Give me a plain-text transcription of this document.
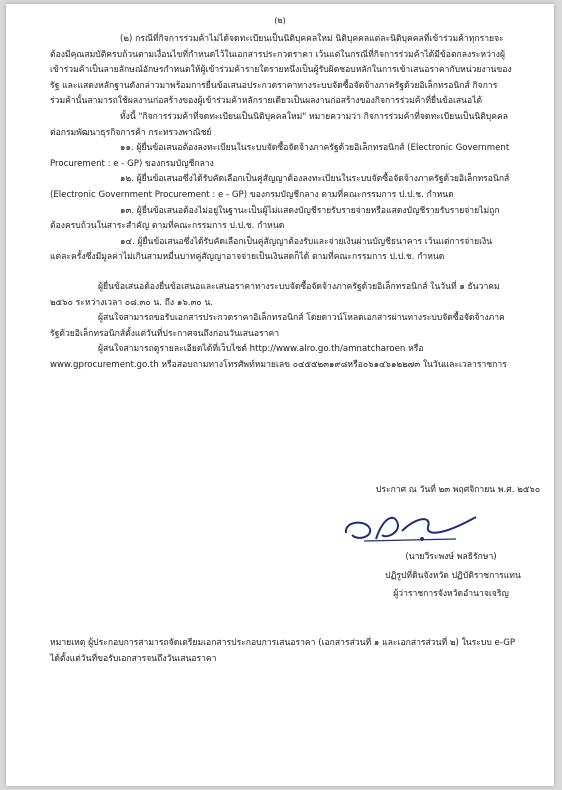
(๒)

(๒) กรณีที่กิจการร่วมค้าไม่ได้จดทะเบียนเป็นนิติบุคคลใหม่ นิติบุคคลแต่ละนิติบุคคลที่เข้าร่วมค้าทุกรายจะต้องมีคุณสมบัติครบถ้วนตามเงื่อนไขที่กำหนดไว้ในเอกสารประกวดราคา เว้นแต่ในกรณีที่กิจการร่วมค้าได้มีข้อตกลงระหว่างผู้เข้าร่วมค้าเป็นลายลักษณ์อักษรกำหนดให้ผู้เข้าร่วมค้ารายใดรายหนึ่งเป็นผู้รับผิดชอบหลักในการเข้าเสนอราคากับหน่วยงานของรัฐ และแสดงหลักฐานดังกล่าวมาพร้อมการยื่นข้อเสนอประกวดราคาทางระบบจัดซื้อจัดจ้างภาครัฐด้วยอิเล็กทรอนิกส์ กิจการร่วมค้านั้นสามารถใช้ผลงานก่อสร้างของผู้เข้าร่วมค้าหลักรายเดียวเป็นผลงานก่อสร้างของกิจการร่วมค้าที่ยื่นข้อเสนอได้

ทั้งนี้ "กิจการร่วมค้าที่จดทะเบียนเป็นนิติบุคคลใหม่" หมายความว่า กิจการร่วมค้าที่จดทะเบียนเป็นนิติบุคคลต่อกรมพัฒนาธุรกิจการค้า กระทรวงพาณิชย์

๑๑. ผู้ยื่นข้อเสนอต้องลงทะเบียนในระบบจัดซื้อจัดจ้างภาครัฐด้วยอิเล็กทรอนิกส์ (Electronic Government Procurement : e - GP) ของกรมบัญชีกลาง

๑๒. ผู้ยื่นข้อเสนอซึ่งได้รับคัดเลือกเป็นคู่สัญญาต้องลงทะเบียนในระบบจัดซื้อจัดจ้างภาครัฐด้วยอิเล็กทรอนิกส์ (Electronic Government Procurement : e - GP) ของกรมบัญชีกลาง ตามที่คณะกรรมการ ป.ป.ช. กำหนด

๑๓. ผู้ยื่นข้อเสนอต้องไม่อยู่ในฐานะเป็นผู้ไม่แสดงบัญชีรายรับรายจ่ายหรือแสดงบัญชีรายรับรายจ่ายไม่ถูกต้องครบถ้วนในสาระสำคัญ ตามที่คณะกรรมการ ป.ป.ช. กำหนด

๑๔. ผู้ยื่นข้อเสนอซึ่งได้รับคัดเลือกเป็นคู่สัญญาต้องรับและจ่ายเงินผ่านบัญชีธนาคาร เว้นแต่การจ่ายเงินแต่ละครั้งซึ่งมีมูลค่าไม่เกินสามหมื่นบาทคู่สัญญาอาจจ่ายเป็นเงินสดก็ได้ ตามที่คณะกรรมการ ป.ป.ช. กำหนด

ผู้ยื่นข้อเสนอต้องยื่นข้อเสนอและเสนอราคาทางระบบจัดซื้อจัดจ้างภาครัฐด้วยอิเล็กทรอนิกส์ ในวันที่ ๑ ธันวาคม ๒๕๖๐ ระหว่างเวลา ๐๘.๓๐ น. ถึง ๑๖.๓๐ น.

ผู้สนใจสามารถขอรับเอกสารประกวดราคาอิเล็กทรอนิกส์ โดยดาวน์โหลดเอกสารผ่านทางระบบจัดซื้อจัดจ้างภาครัฐด้วยอิเล็กทรอนิกส์ตั้งแต่วันที่ประกาศจนถึงก่อนวันเสนอราคา

ผู้สนใจสามารถดูรายละเอียดได้ที่เว็บไซต์ http://www.alro.go.th/amnatcharoen หรือ www.gprocurement.go.th หรือสอบถามทางโทรศัพท์หมายเลข ๐๔๕๕๒๓๑๙๘หรือ๐๖๑๔๖๑๒๒๗๓ ในวันและเวลาราชการ

ประกาศ ณ วันที่ ๒๓ พฤศจิกายน พ.ศ. ๒๕๖๐
(นายวีระพงษ์ พลธิรักษา)
ปฏิรูปที่ดินจังหวัด ปฏิบัติราชการแทน
ผู้ว่าราชการจังหวัดอำนาจเจริญ
หมายเหตุ ผู้ประกอบการสามารถจัดเตรียมเอกสารประกอบการเสนอราคา (เอกสารส่วนที่ ๑ และเอกสารส่วนที่ ๒) ในระบบ e-GP ได้ตั้งแต่วันที่ขอรับเอกสารจนถึงวันเสนอราคา
